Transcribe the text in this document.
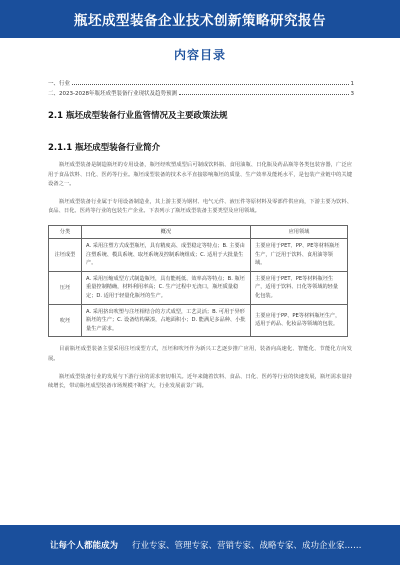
瓶坯成型装备企业技术创新策略研究报告
内容目录
一、行业	1
二、2023-2028年瓶坯成型装备行业现状及趋势预测	3
2.1 瓶坯成型装备行业监管情况及主要政策法规
2.1.1 瓶坯成型装备行业简介
瓶坯成型装备是制造瓶坯的专用设备，瓶坯经吹塑成型后可制成饮料瓶、食用油瓶、日化瓶及药品瓶等各类包装容器，广泛应用于食品饮料、日化、医药等行业。瓶坯成型装备的技术水平直接影响瓶坯的质量、生产效率及能耗水平，是包装产业链中的关键设备之一。
瓶坯成型装备行业属于专用设备制造业，其上游主要为钢材、电气元件、液压件等原材料及零部件供应商，下游主要为饮料、食品、日化、医药等行业的包装生产企业。下表列示了瓶坯成型装备主要类型及应用领域。
分类	概况	应用领域
注坯成型	A. 采用注塑方式成型瓶坯，具有精度高、成型稳定等特点；B. 主要由注塑系统、模具系统、取坯系统及控制系统组成；C. 适用于大批量生产。	主要应用于PET、PP、PE等材料瓶坯生产，广泛用于饮料、食用油等领域。
压坯	A. 采用压缩成型方式制造瓶坯，具有能耗低、效率高等特点；B. 瓶坯重量控制精确，材料利用率高；C. 生产过程中无浇口，瓶坯质量稳定；D. 适用于轻量化瓶坯的生产。	主要应用于PET、PE等材料瓶坯生产，适用于饮料、日化等领域的轻量化包装。
吹坯	A. 采用挤出吹塑与注坯相结合的方式成型，工艺灵活；B. 可用于异形瓶坯的生产；C. 设备结构紧凑，占地面积小；D. 能满足多品种、小批量生产需求。	主要应用于PP、PE等材料瓶坯生产，适用于药品、化妆品等领域的包装。
目前瓶坯成型装备主要采用注坯成型方式，压坯和吹坯作为新兴工艺逐步推广应用，装备向高速化、智能化、节能化方向发展。
瓶坯成型装备行业的发展与下游行业的需求密切相关。近年来随着饮料、食品、日化、医药等行业的快速发展，瓶坯需求量持续增长，带动瓶坯成型装备市场规模不断扩大，行业发展前景广阔。
让每个人都能成为 行业专家、管理专家、营销专家、战略专家、成功企业家……
